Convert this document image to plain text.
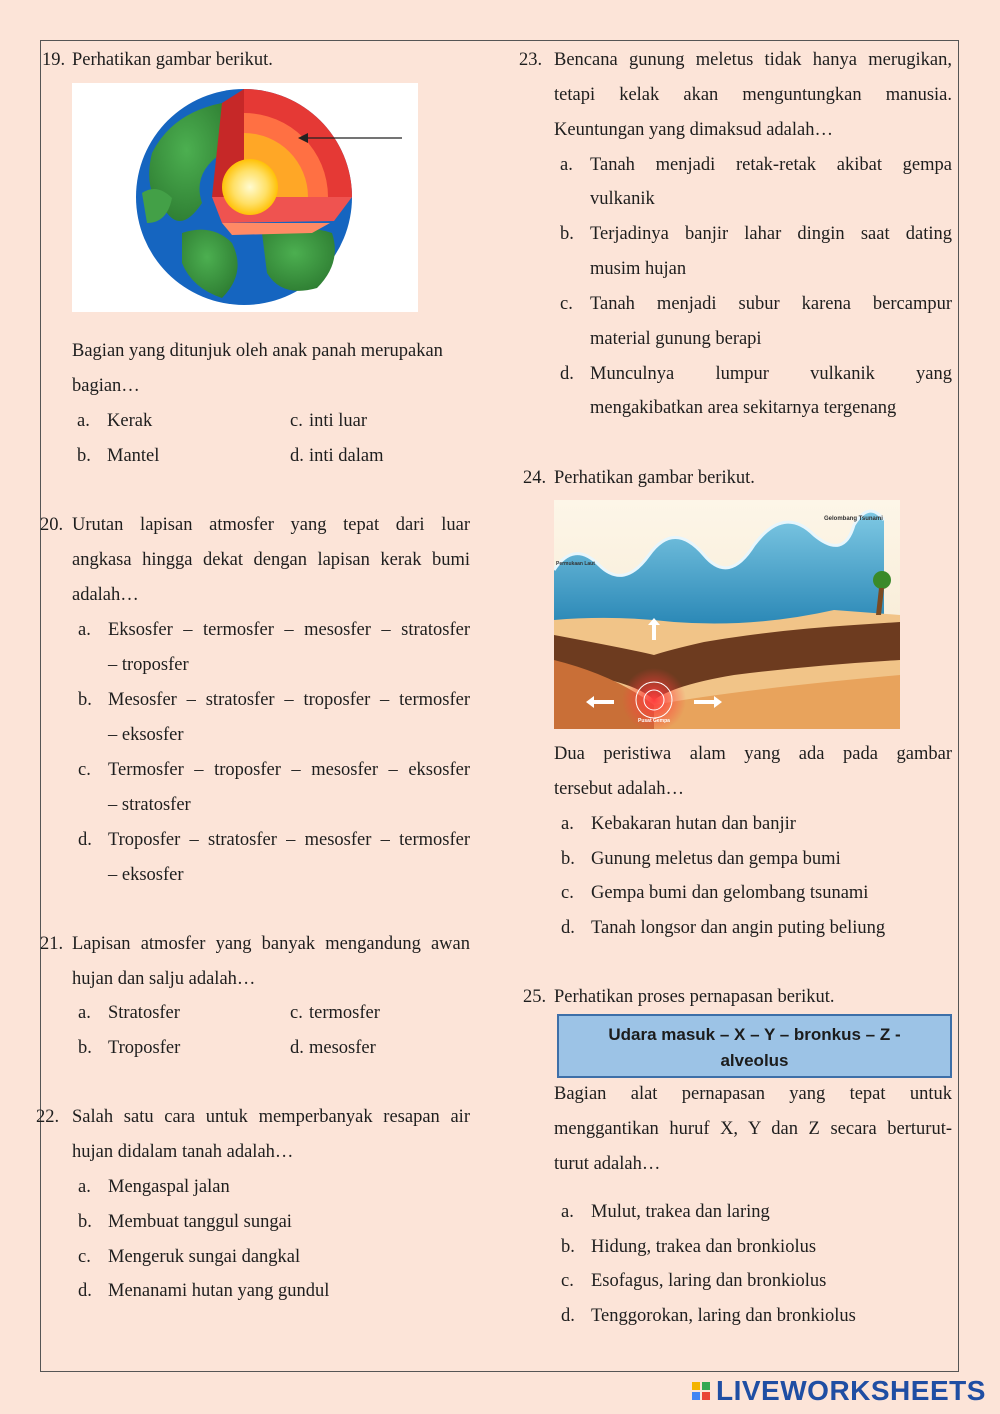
19. Perhatikan gambar berikut.
Bagian yang ditunjuk oleh anak panah merupakan
bagian…
a. Kerak
b. Mantel
c. inti luar
d. inti dalam
20. Urutan lapisan atmosfer yang tepat dari luar
angkasa hingga dekat dengan lapisan kerak bumi
adalah…
a. Eksosfer – termosfer – mesosfer – stratosfer
– troposfer
b. Mesosfer – stratosfer – troposfer – termosfer
– eksosfer
c. Termosfer – troposfer – mesosfer – eksosfer
– stratosfer
d. Troposfer – stratosfer – mesosfer – termosfer
– eksosfer
21. Lapisan atmosfer yang banyak mengandung awan
hujan dan salju adalah…
a. Stratosfer
b. Troposfer
c. termosfer
d. mesosfer
22. Salah satu cara untuk memperbanyak resapan air
hujan didalam tanah adalah…
a. Mengaspal jalan
b. Membuat tanggul sungai
c. Mengeruk sungai dangkal
d. Menanami hutan yang gundul
23. Bencana gunung meletus tidak hanya merugikan,
tetapi kelak akan menguntungkan manusia.
Keuntungan yang dimaksud adalah…
a. Tanah menjadi retak-retak akibat gempa
vulkanik
b. Terjadinya banjir lahar dingin saat dating
musim hujan
c. Tanah menjadi subur karena bercampur
material gunung berapi
d. Munculnya lumpur vulkanik yang
mengakibatkan area sekitarnya tergenang
24. Perhatikan gambar berikut.
Gelombang Tsunami
Permukaan Laut
Pusat Gempa
Dua peristiwa alam yang ada pada gambar
tersebut adalah…
a. Kebakaran hutan dan banjir
b. Gunung meletus dan gempa bumi
c. Gempa bumi dan gelombang tsunami
d. Tanah longsor dan angin puting beliung
25. Perhatikan proses pernapasan berikut.
Udara masuk – X – Y – bronkus – Z -
alveolus
Bagian alat pernapasan yang tepat untuk
menggantikan huruf X, Y dan Z secara berturut-
turut adalah…
a. Mulut, trakea dan laring
b. Hidung, trakea dan bronkiolus
c. Esofagus, laring dan bronkiolus
d. Tenggorokan, laring dan bronkiolus
LIVEWORKSHEETS
